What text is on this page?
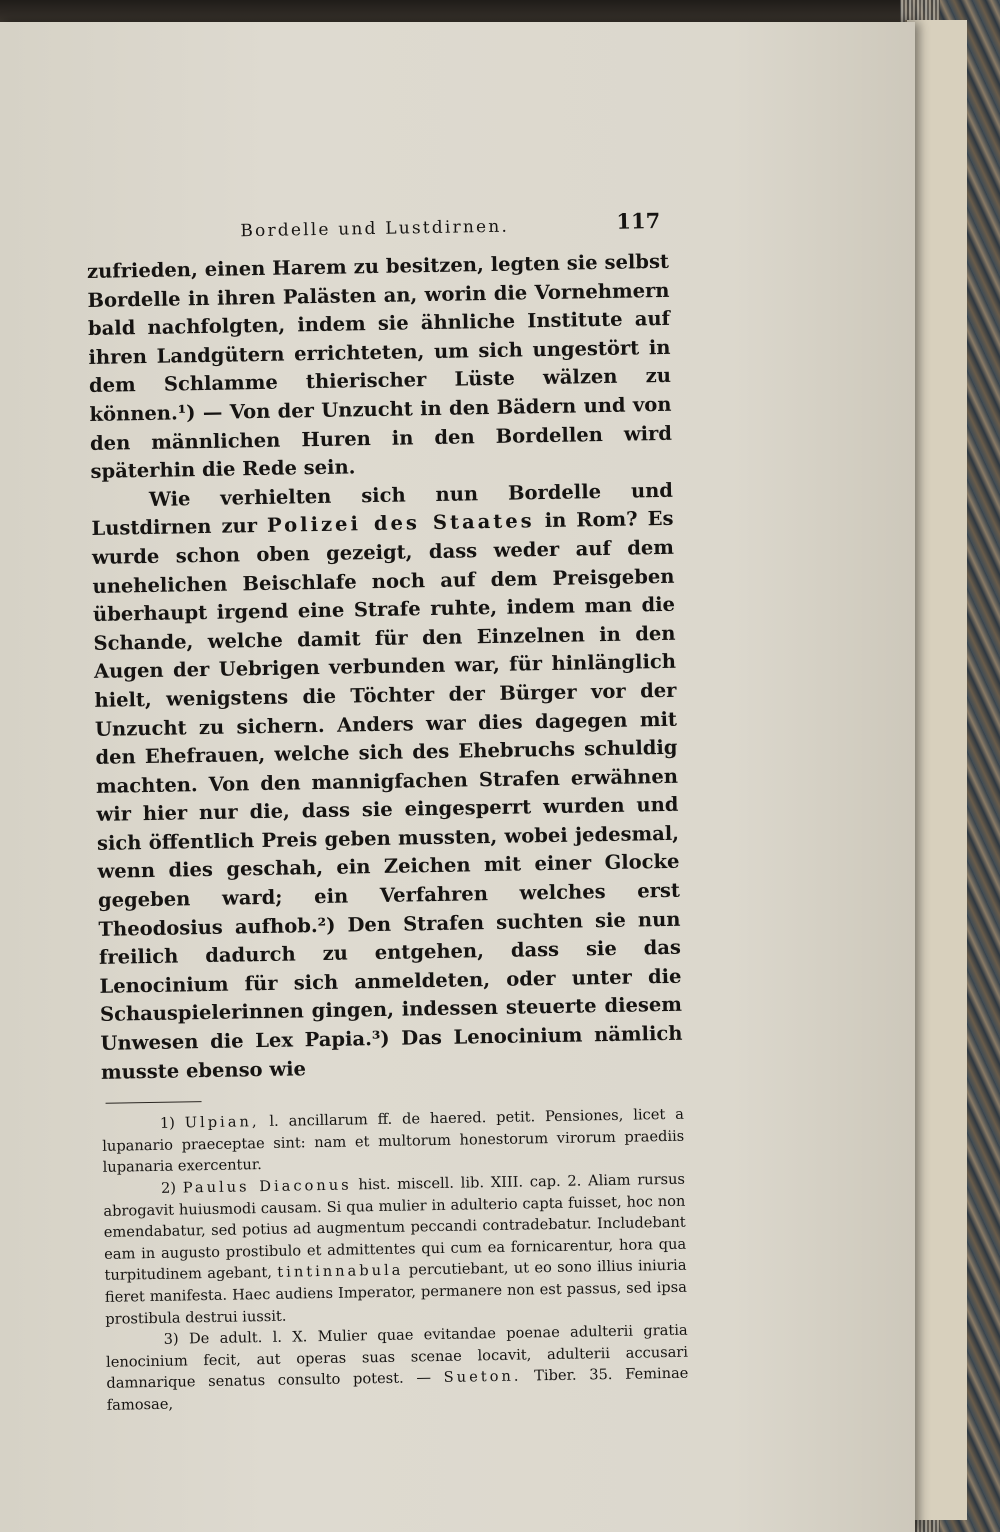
Bordelle und Lustdirnen.	117

zufrieden, einen Harem zu besitzen, legten sie selbst Bordelle in ihren Palästen an, worin die Vornehmern bald nachfolgten, indem sie ähnliche Institute auf ihren Landgütern errichteten, um sich ungestört in dem Schlamme thierischer Lüste wälzen zu können.¹) — Von der Unzucht in den Bädern und von den männlichen Huren in den Bordellen wird späterhin die Rede sein.

Wie verhielten sich nun Bordelle und Lustdirnen zur Polizei des Staates in Rom? Es wurde schon oben gezeigt, dass weder auf dem unehelichen Beischlafe noch auf dem Preisgeben überhaupt irgend eine Strafe ruhte, indem man die Schande, welche damit für den Einzelnen in den Augen der Uebrigen verbunden war, für hinlänglich hielt, wenigstens die Töchter der Bürger vor der Unzucht zu sichern. Anders war dies dagegen mit den Ehefrauen, welche sich des Ehebruchs schuldig machten. Von den mannigfachen Strafen erwähnen wir hier nur die, dass sie eingesperrt wurden und sich öffentlich Preis geben mussten, wobei jedesmal, wenn dies geschah, ein Zeichen mit einer Glocke gegeben ward; ein Verfahren welches erst Theodosius aufhob.²) Den Strafen suchten sie nun freilich dadurch zu entgehen, dass sie das Lenocinium für sich anmeldeten, oder unter die Schauspielerinnen gingen, indessen steuerte diesem Unwesen die Lex Papia.³) Das Lenocinium nämlich musste ebenso wie

1) Ulpian, l. ancillarum ff. de haered. petit. Pensiones, licet a lupanario praeceptae sint: nam et multorum honestorum virorum praediis lupanaria exercentur.

2) Paulus Diaconus hist. miscell. lib. XIII. cap. 2. Aliam rursus abrogavit huiusmodi causam. Si qua mulier in adulterio capta fuisset, hoc non emendabatur, sed potius ad augmentum peccandi contradebatur. Includebant eam in augusto prostibulo et admittentes qui cum ea fornicarentur, hora qua turpitudinem agebant, tintinnabula percutiebant, ut eo sono illius iniuria fieret manifesta. Haec audiens Imperator, permanere non est passus, sed ipsa prostibula destrui iussit.

3) De adult. l. X. Mulier quae evitandae poenae adulterii gratia lenocinium fecit, aut operas suas scenae locavit, adulterii accusari damnarique senatus consulto potest. — Sueton. Tiber. 35. Feminae famosae,
